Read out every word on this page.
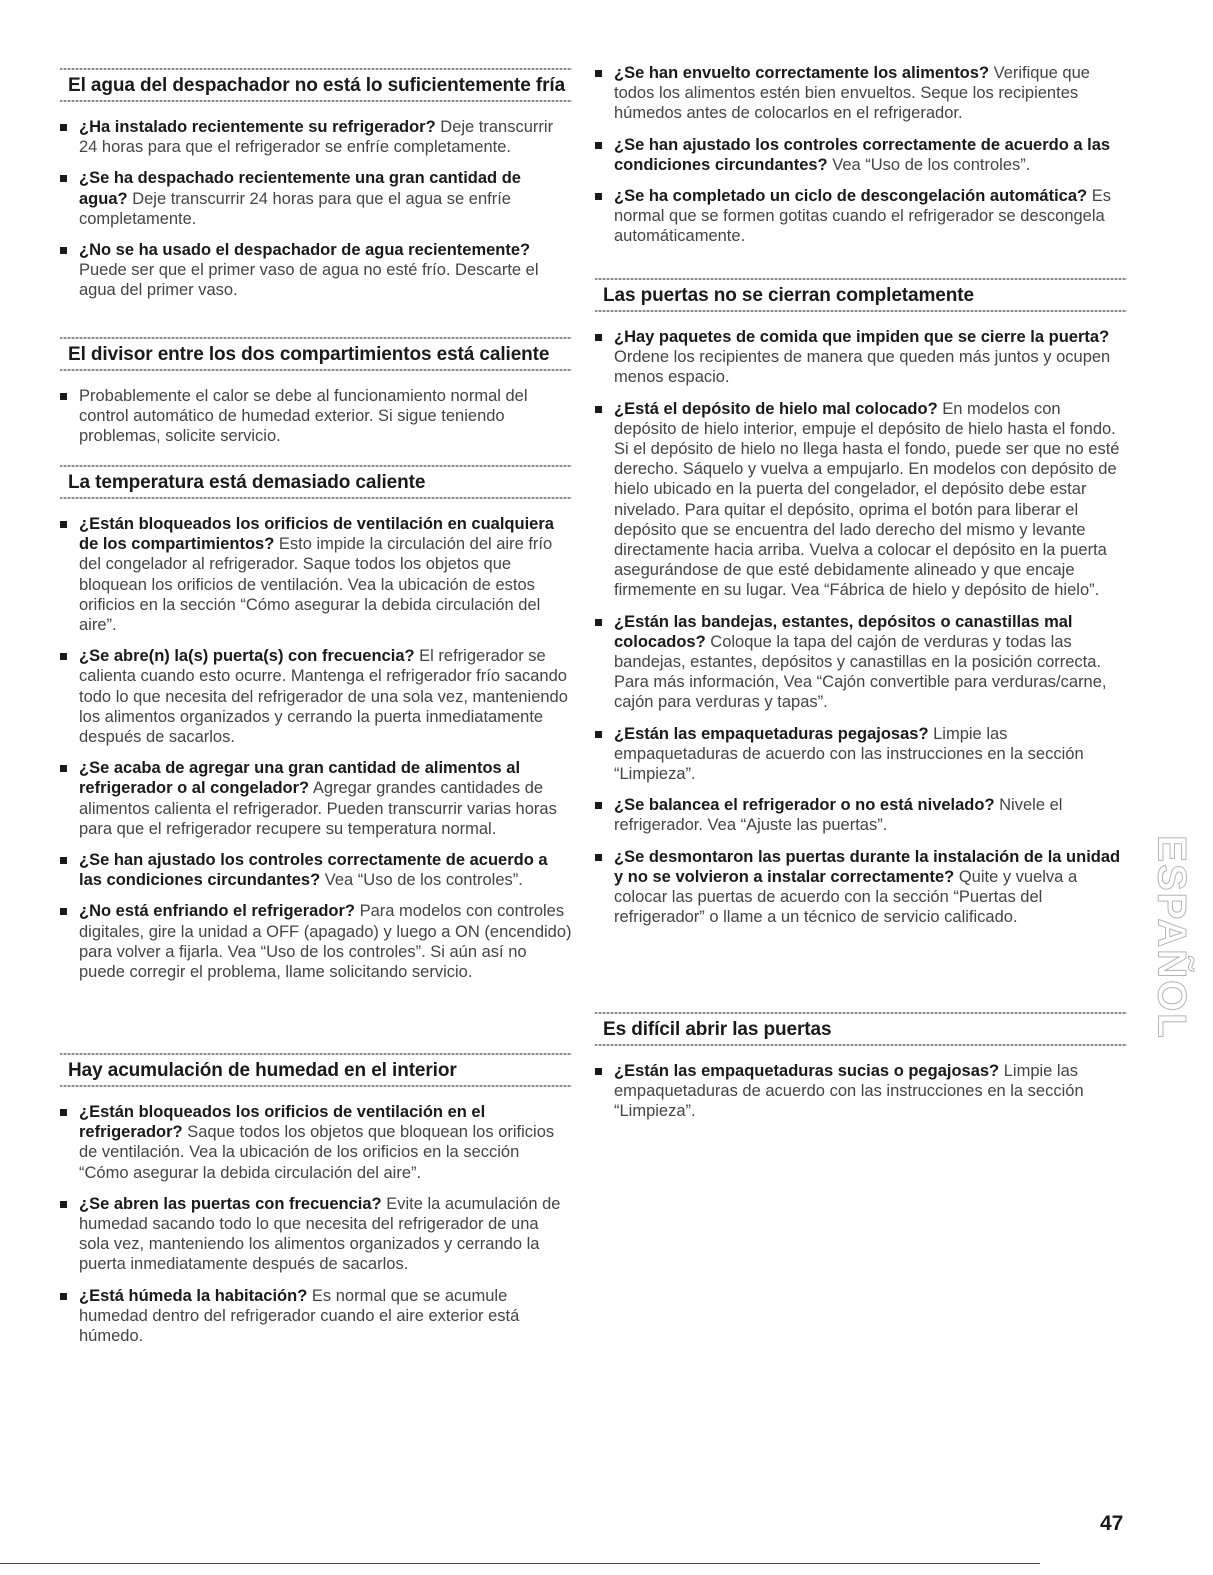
El agua del despachador no está lo suficientemente fría
¿Ha instalado recientemente su refrigerador? Deje transcurrir 24 horas para que el refrigerador se enfríe completamente.
¿Se ha despachado recientemente una gran cantidad de agua? Deje transcurrir 24 horas para que el agua se enfríe completamente.
¿No se ha usado el despachador de agua recientemente? Puede ser que el primer vaso de agua no esté frío. Descarte el agua del primer vaso.
El divisor entre los dos compartimientos está caliente
Probablemente el calor se debe al funcionamiento normal del control automático de humedad exterior. Si sigue teniendo problemas, solicite servicio.
La temperatura está demasiado caliente
¿Están bloqueados los orificios de ventilación en cualquiera de los compartimientos? Esto impide la circulación del aire frío del congelador al refrigerador. Saque todos los objetos que bloquean los orificios de ventilación. Vea la ubicación de estos orificios en la sección “Cómo asegurar la debida circulación del aire”.
¿Se abre(n) la(s) puerta(s) con frecuencia? El refrigerador se calienta cuando esto ocurre. Mantenga el refrigerador frío sacando todo lo que necesita del refrigerador de una sola vez, manteniendo los alimentos organizados y cerrando la puerta inmediatamente después de sacarlos.
¿Se acaba de agregar una gran cantidad de alimentos al refrigerador o al congelador? Agregar grandes cantidades de alimentos calienta el refrigerador. Pueden transcurrir varias horas para que el refrigerador recupere su temperatura normal.
¿Se han ajustado los controles correctamente de acuerdo a las condiciones circundantes? Vea “Uso de los controles”.
¿No está enfriando el refrigerador? Para modelos con controles digitales, gire la unidad a OFF (apagado) y luego a ON (encendido) para volver a fijarla. Vea “Uso de los controles”. Si aún así no puede corregir el problema, llame solicitando servicio.
Hay acumulación de humedad en el interior
¿Están bloqueados los orificios de ventilación en el refrigerador? Saque todos los objetos que bloquean los orificios de ventilación. Vea la ubicación de los orificios en la sección “Cómo asegurar la debida circulación del aire”.
¿Se abren las puertas con frecuencia? Evite la acumulación de humedad sacando todo lo que necesita del refrigerador de una sola vez, manteniendo los alimentos organizados y cerrando la puerta inmediatamente después de sacarlos.
¿Está húmeda la habitación? Es normal que se acumule humedad dentro del refrigerador cuando el aire exterior está húmedo.
¿Se han envuelto correctamente los alimentos? Verifique que todos los alimentos estén bien envueltos. Seque los recipientes húmedos antes de colocarlos en el refrigerador.
¿Se han ajustado los controles correctamente de acuerdo a las condiciones circundantes? Vea “Uso de los controles”.
¿Se ha completado un ciclo de descongelación automática? Es normal que se formen gotitas cuando el refrigerador se descongela automáticamente.
Las puertas no se cierran completamente
¿Hay paquetes de comida que impiden que se cierre la puerta? Ordene los recipientes de manera que queden más juntos y ocupen menos espacio.
¿Está el depósito de hielo mal colocado? En modelos con depósito de hielo interior, empuje el depósito de hielo hasta el fondo. Si el depósito de hielo no llega hasta el fondo, puede ser que no esté derecho. Sáquelo y vuelva a empujarlo. En modelos con depósito de hielo ubicado en la puerta del congelador, el depósito debe estar nivelado. Para quitar el depósito, oprima el botón para liberar el depósito que se encuentra del lado derecho del mismo y levante directamente hacia arriba. Vuelva a colocar el depósito en la puerta asegurándose de que esté debidamente alineado y que encaje firmemente en su lugar. Vea “Fábrica de hielo y depósito de hielo”.
¿Están las bandejas, estantes, depósitos o canastillas mal colocados? Coloque la tapa del cajón de verduras y todas las bandejas, estantes, depósitos y canastillas en la posición correcta. Para más información, Vea “Cajón convertible para verduras/carne, cajón para verduras y tapas”.
¿Están las empaquetaduras pegajosas? Limpie las empaquetaduras de acuerdo con las instrucciones en la sección “Limpieza”.
¿Se balancea el refrigerador o no está nivelado? Nivele el refrigerador. Vea “Ajuste las puertas”.
¿Se desmontaron las puertas durante la instalación de la unidad y no se volvieron a instalar correctamente? Quite y vuelva a colocar las puertas de acuerdo con la sección “Puertas del refrigerador” o llame a un técnico de servicio calificado.
Es difícil abrir las puertas
¿Están las empaquetaduras sucias o pegajosas? Limpie las empaquetaduras de acuerdo con las instrucciones en la sección “Limpieza”.
ESPAÑOL
47
